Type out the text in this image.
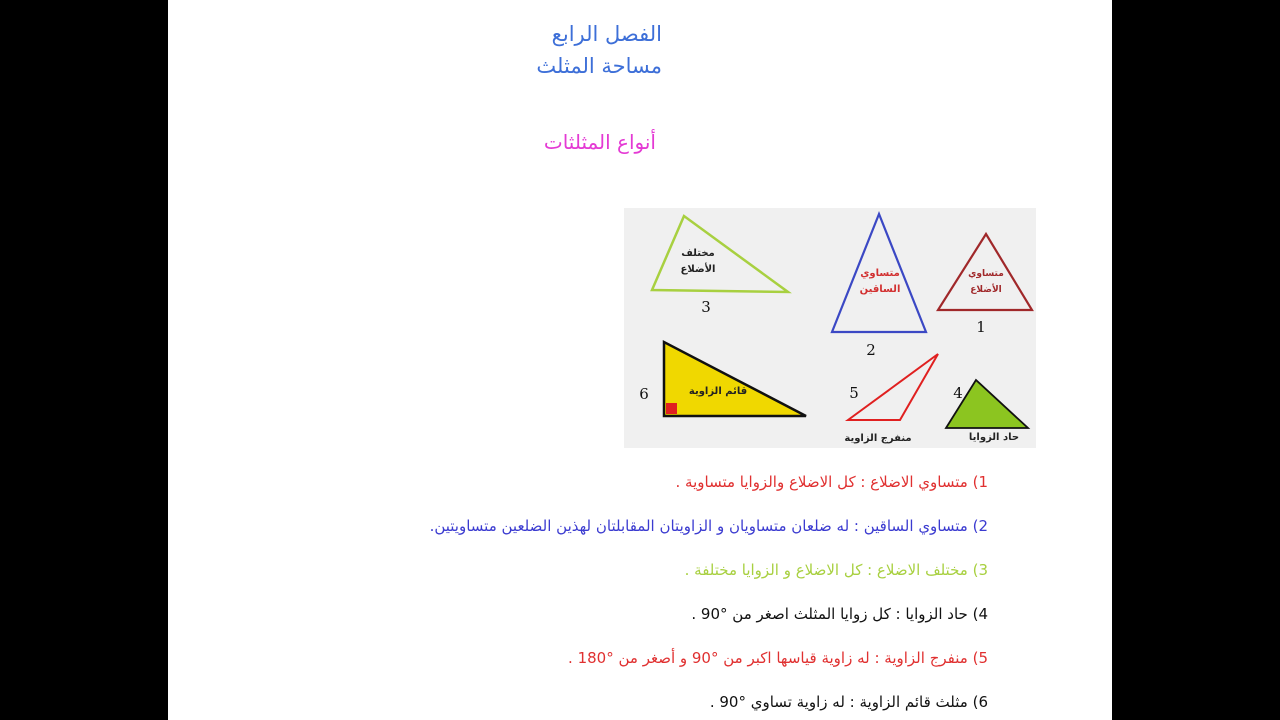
الفصل الرابع
مساحة المثلث
أنواع المثلثات
مختلف
الأضلاع
3
متساوي
الساقين
2
متساوي
الأضلاع
1
قائم الزاوية
6
منفرج الزاوية
5
حاد الزوايا
4
1) متساوي الاضلاع : كل الاضلاع والزوايا متساوية .
2) متساوي الساقين : له ضلعان متساويان و الزاويتان المقابلتان لهذين الضلعين متساويتين.
3) مختلف الاضلاع : كل الاضلاع و الزوايا مختلفة .
4) حاد الزوايا : كل زوايا المثلث اصغر من °90 .
5) منفرج الزاوية : له زاوية قياسها اكبر من °90 و أصغر من °180 .
6) مثلث قائم الزاوية : له زاوية تساوي °90 .
